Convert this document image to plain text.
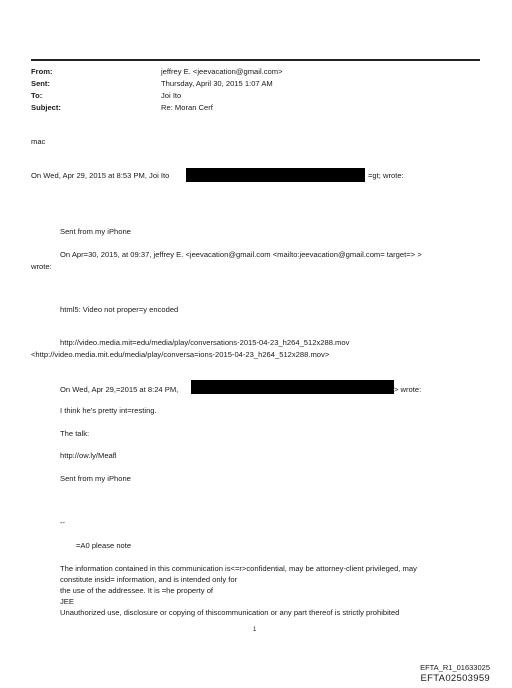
From:
Sent:
To:
Subject:
jeffrey E. <jeevacation@gmail.com>
Thursday, April 30, 2015 1:07 AM
Joi Ito
Re: Moran Cerf
mac
On Wed, Apr 29, 2015 at 8:53 PM, Joi Ito	=gt; wrote:
Sent from my iPhone
On Apr=30, 2015, at 09:37, jeffrey E. <jeevacation@gmail.com <mailto:jeevacation@gmail.com= target=> >
wrote:
html5: Video not proper=y encoded
http://video.media.mit=edu/media/play/conversations-2015-04-23_h264_512x288.mov
<http://video.media.mit.edu/media/play/conversa=ions-2015-04-23_h264_512x288.mov>
On Wed, Apr 29,=2015 at 8:24 PM,	> wrote:
I think he's pretty int=resting.
The talk:
http://ow.ly/Meafl
Sent from my iPhone
--
=A0 please note
The information contained in this communication is<=r>confidential, may be attorney-client privileged, may
constitute insid= information, and is intended only for
the use of the addressee. It is =he property of
JEE
Unauthorized use, disclosure or copying of thiscommunication or any part thereof is strictly prohibited
1
EFTA_R1_01633025
EFTA02503959
